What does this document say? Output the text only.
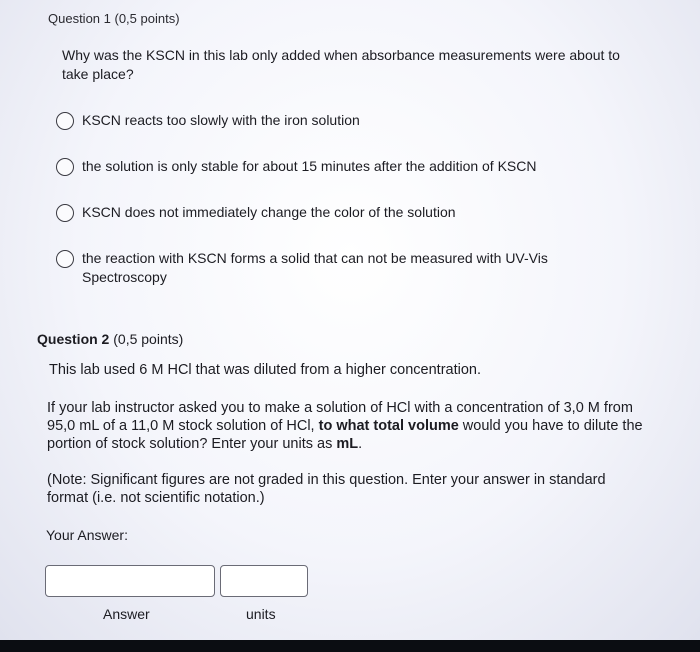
Question 1 (0,5 points)
Why was the KSCN in this lab only added when absorbance measurements were about to take place?
KSCN reacts too slowly with the iron solution
the solution is only stable for about 15 minutes after the addition of KSCN
KSCN does not immediately change the color of the solution
the reaction with KSCN forms a solid that can not be measured with UV-Vis Spectroscopy
Question 2 (0,5 points)
This lab used 6 M HCl that was diluted from a higher concentration.
If your lab instructor asked you to make a solution of HCl with a concentration of 3,0 M from 95,0 mL of a 11,0 M stock solution of HCl, to what total volume would you have to dilute the portion of stock solution? Enter your units as mL.
(Note: Significant figures are not graded in this question. Enter your answer in standard format (i.e. not scientific notation.)
Your Answer:
Answer	units
